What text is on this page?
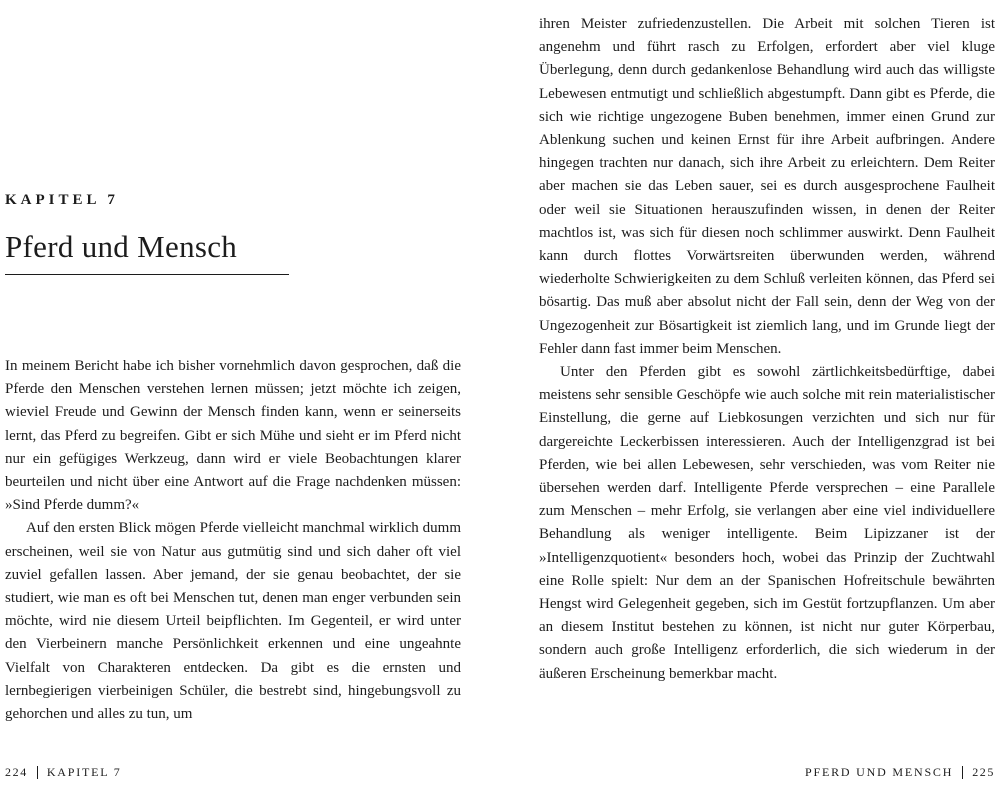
KAPITEL 7
Pferd und Mensch

In meinem Bericht habe ich bisher vornehmlich davon gesprochen, daß die Pferde den Menschen verstehen lernen müssen; jetzt möchte ich zeigen, wieviel Freude und Gewinn der Mensch finden kann, wenn er seinerseits lernt, das Pferd zu begreifen. Gibt er sich Mühe und sieht er im Pferd nicht nur ein gefügiges Werkzeug, dann wird er viele Beobachtungen klarer beurteilen und nicht über eine Antwort auf die Frage nachdenken müssen: »Sind Pferde dumm?«

Auf den ersten Blick mögen Pferde vielleicht manchmal wirklich dumm erscheinen, weil sie von Natur aus gutmütig sind und sich daher oft viel zuviel gefallen lassen. Aber jemand, der sie genau beobachtet, der sie studiert, wie man es oft bei Menschen tut, denen man enger verbunden sein möchte, wird nie diesem Urteil beipflichten. Im Gegenteil, er wird unter den Vierbeinern manche Persönlichkeit erkennen und eine ungeahnte Vielfalt von Charakteren entdecken. Da gibt es die ernsten und lernbegierigen vierbeinigen Schüler, die bestrebt sind, hingebungsvoll zu gehorchen und alles zu tun, um

ihren Meister zufriedenzustellen. Die Arbeit mit solchen Tieren ist angenehm und führt rasch zu Erfolgen, erfordert aber viel kluge Überlegung, denn durch gedankenlose Behandlung wird auch das willigste Lebewesen entmutigt und schließlich abgestumpft. Dann gibt es Pferde, die sich wie richtige ungezogene Buben benehmen, immer einen Grund zur Ablenkung suchen und keinen Ernst für ihre Arbeit aufbringen. Andere hingegen trachten nur danach, sich ihre Arbeit zu erleichtern. Dem Reiter aber machen sie das Leben sauer, sei es durch ausgesprochene Faulheit oder weil sie Situationen herauszufinden wissen, in denen der Reiter machtlos ist, was sich für diesen noch schlimmer auswirkt. Denn Faulheit kann durch flottes Vorwärtsreiten überwunden werden, während wiederholte Schwierigkeiten zu dem Schluß verleiten können, das Pferd sei bösartig. Das muß aber absolut nicht der Fall sein, denn der Weg von der Ungezogenheit zur Bösartigkeit ist ziemlich lang, und im Grunde liegt der Fehler dann fast immer beim Menschen.

Unter den Pferden gibt es sowohl zärtlichkeitsbedürftige, dabei meistens sehr sensible Geschöpfe wie auch solche mit rein materialistischer Einstellung, die gerne auf Liebkosungen verzichten und sich nur für dargereichte Leckerbissen interessieren. Auch der Intelligenzgrad ist bei Pferden, wie bei allen Lebewesen, sehr verschieden, was vom Reiter nie übersehen werden darf. Intelligente Pferde versprechen – eine Parallele zum Menschen – mehr Erfolg, sie verlangen aber eine viel individuellere Behandlung als weniger intelligente. Beim Lipizzaner ist der »Intelligenzquotient« besonders hoch, wobei das Prinzip der Zuchtwahl eine Rolle spielt: Nur dem an der Spanischen Hofreitschule bewährten Hengst wird Gelegenheit gegeben, sich im Gestüt fortzupflanzen. Um aber an diesem Institut bestehen zu können, ist nicht nur guter Körperbau, sondern auch große Intelligenz erforderlich, die sich wiederum in der äußeren Erscheinung bemerkbar macht.

224 KAPITEL 7	PFERD UND MENSCH 225
